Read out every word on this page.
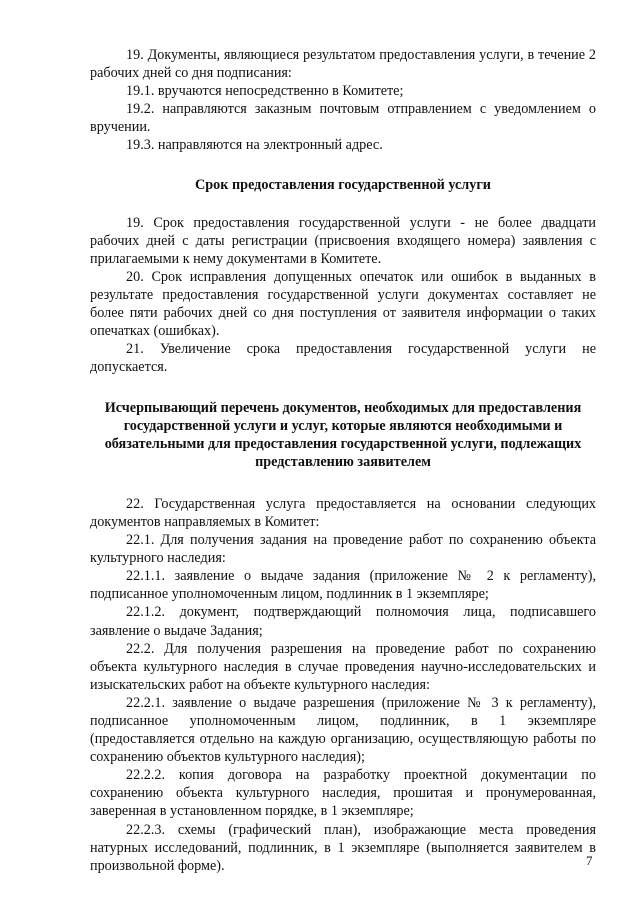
19. Документы, являющиеся результатом предоставления услуги, в течение 2 рабочих дней со дня подписания:

19.1. вручаются непосредственно в Комитете;

19.2. направляются заказным почтовым отправлением с уведомлением о вручении.

19.3. направляются на электронный адрес.

Срок предоставления государственной услуги

19. Срок предоставления государственной услуги - не более двадцати рабочих дней с даты регистрации (присвоения входящего номера) заявления с прилагаемыми к нему документами в Комитете.

20. Срок исправления допущенных опечаток или ошибок в выданных в результате предоставления государственной услуги документах составляет не более пяти рабочих дней со дня поступления от заявителя информации о таких опечатках (ошибках).

21. Увеличение срока предоставления государственной услуги не допускается.

Исчерпывающий перечень документов, необходимых для предоставления государственной услуги и услуг, которые являются необходимыми и обязательными для предоставления государственной услуги, подлежащих представлению заявителем

22. Государственная услуга предоставляется на основании следующих документов направляемых в Комитет:

22.1. Для получения задания на проведение работ по сохранению объекта культурного наследия:

22.1.1. заявление о выдаче задания (приложение № 2 к регламенту), подписанное уполномоченным лицом, подлинник в 1 экземпляре;

22.1.2. документ, подтверждающий полномочия лица, подписавшего заявление о выдаче Задания;

22.2. Для получения разрешения на проведение работ по сохранению объекта культурного наследия в случае проведения научно-исследовательских и изыскательских работ на объекте культурного наследия:

22.2.1. заявление о выдаче разрешения (приложение № 3 к регламенту), подписанное уполномоченным лицом, подлинник, в 1 экземпляре (предоставляется отдельно на каждую организацию, осуществляющую работы по сохранению объектов культурного наследия);

22.2.2. копия договора на разработку проектной документации по сохранению объекта культурного наследия, прошитая и пронумерованная, заверенная в установленном порядке, в 1 экземпляре;

22.2.3. схемы (графический план), изображающие места проведения натурных исследований, подлинник, в 1 экземпляре (выполняется заявителем в произвольной форме).	7
